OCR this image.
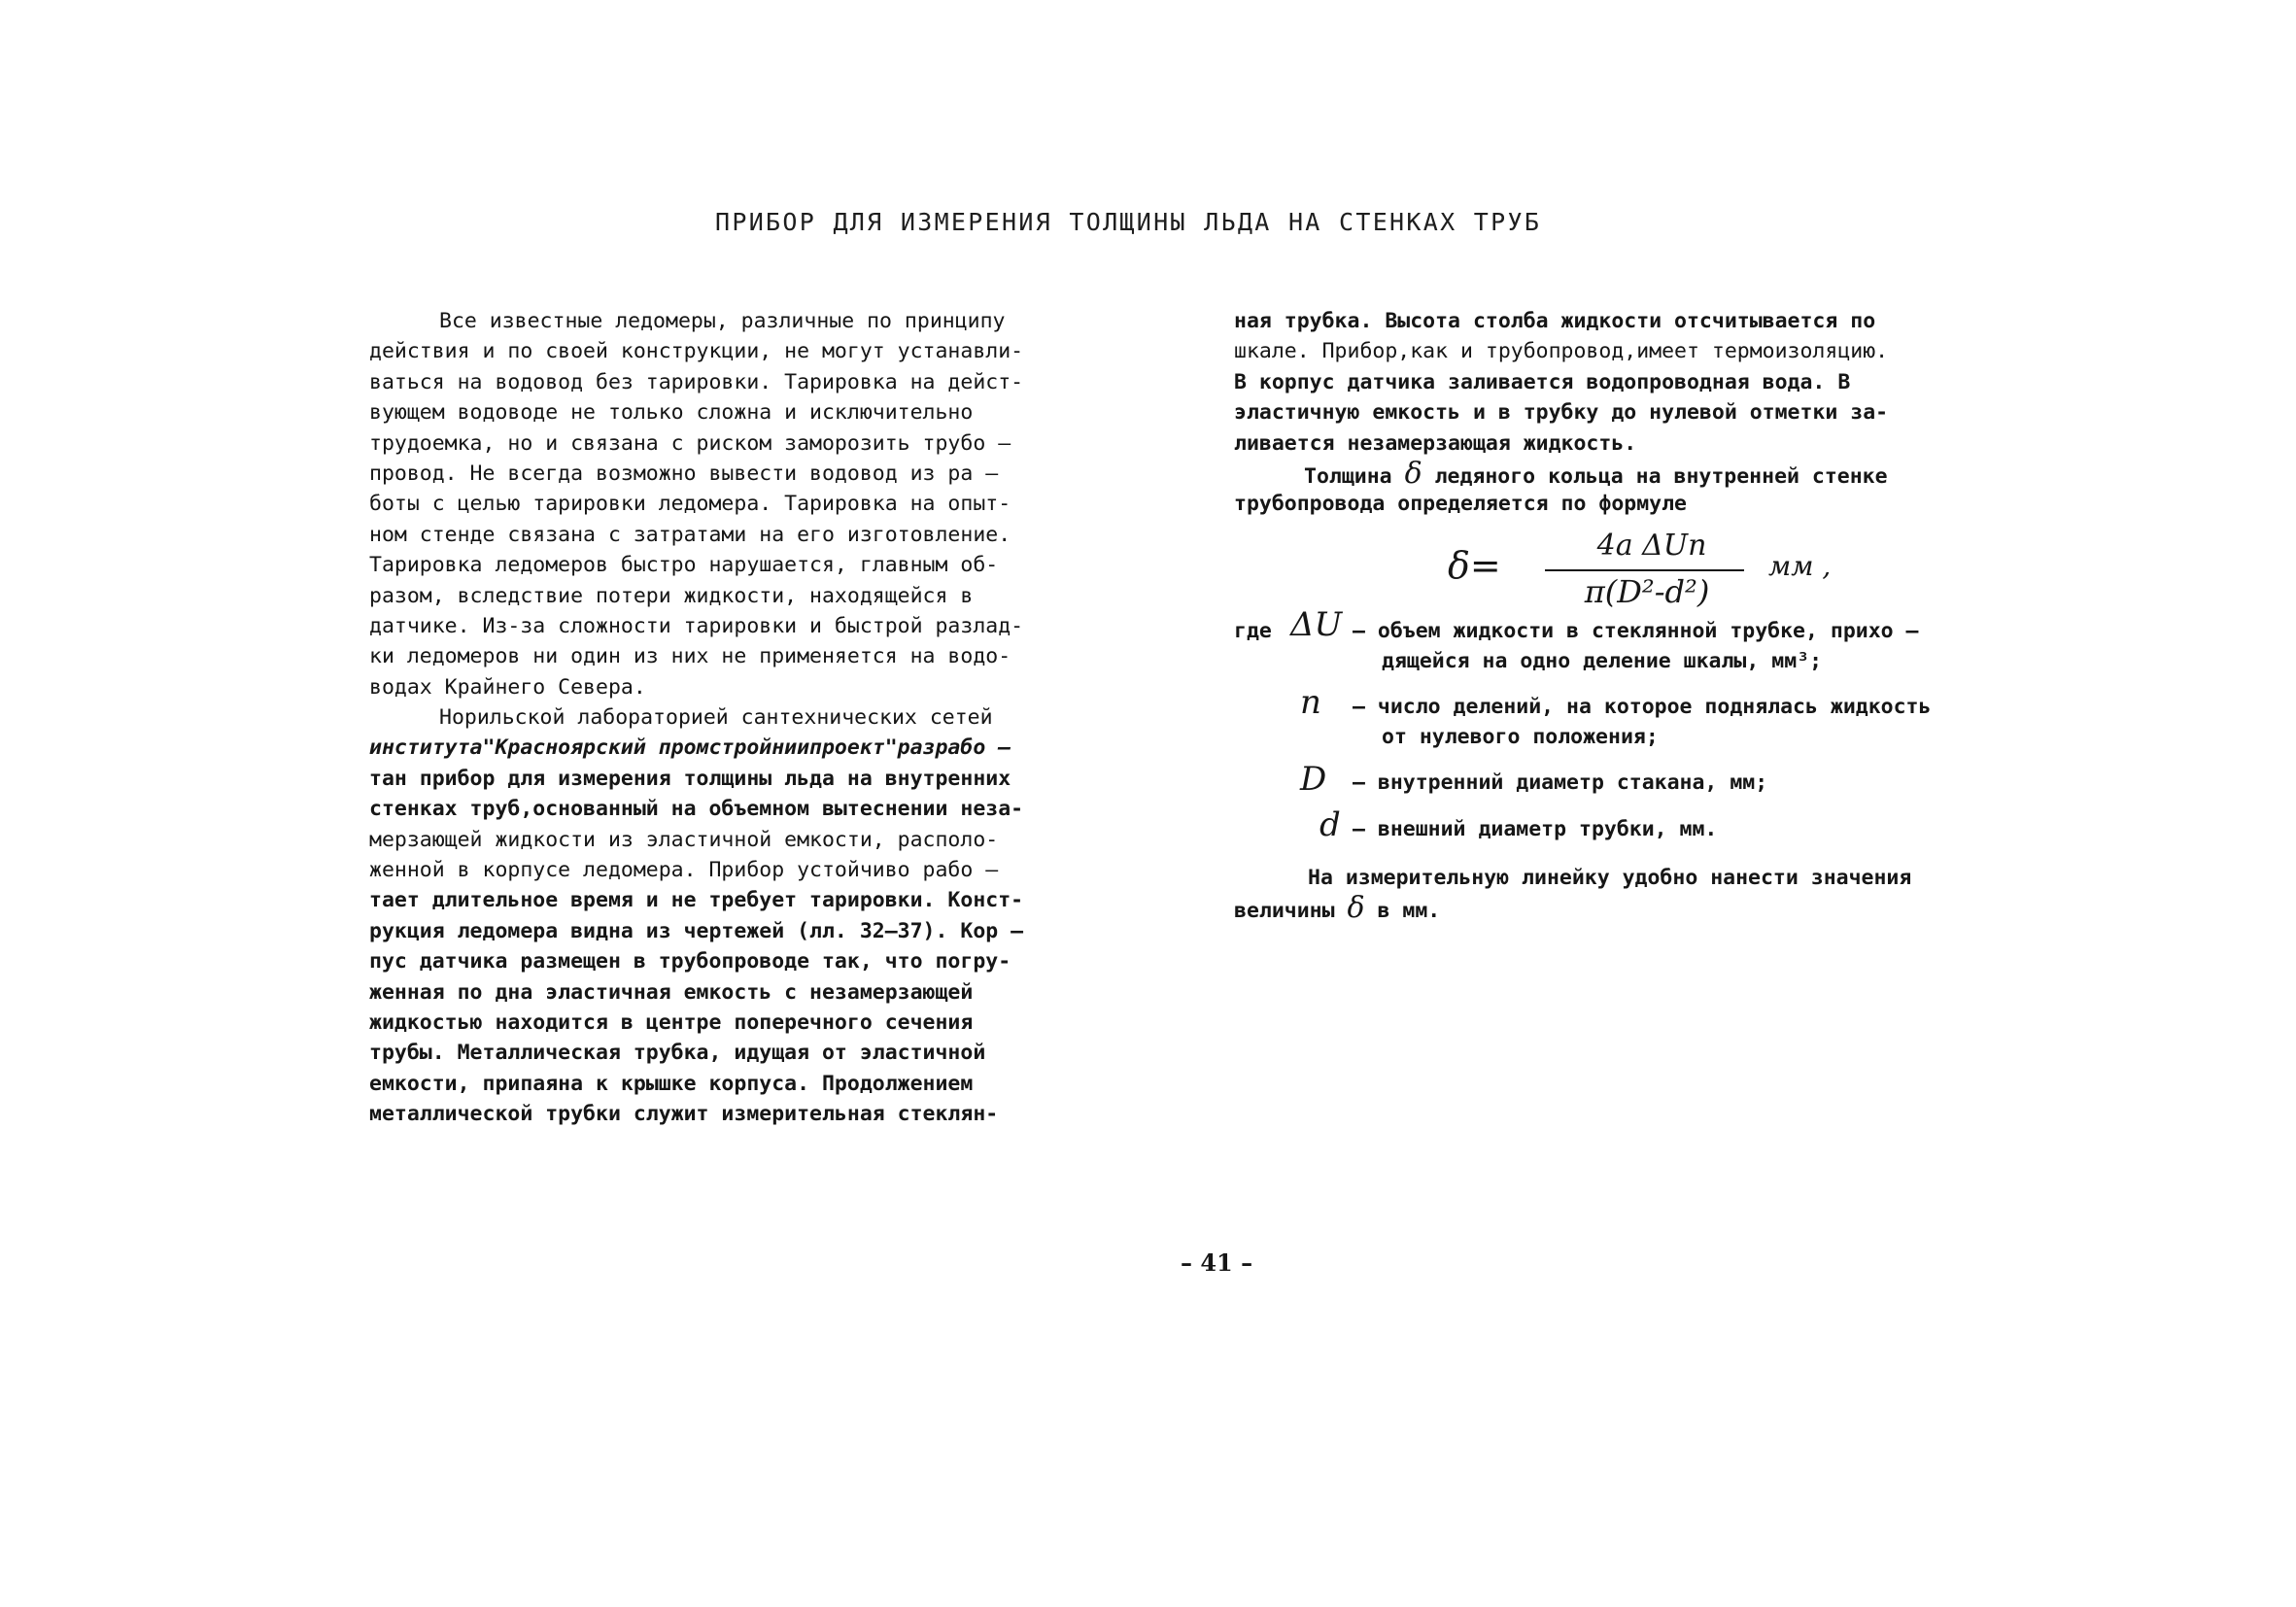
ПРИБОР ДЛЯ ИЗМЕРЕНИЯ ТОЛЩИНЫ ЛЬДА НА СТЕНКАХ ТРУБ
Все известные ледомеры, различные по принципу
действия и по своей конструкции, не могут устанавли-
ваться на водовод без тарировки. Тарировка на дейст-
вующем водоводе не только сложна и исключительно
трудоемка, но и связана с риском заморозить трубо –
провод. Не всегда возможно вывести водовод из ра –
боты с целью тарировки ледомера. Тарировка на опыт-
ном стенде связана с затратами на его изготовление.
Тарировка ледомеров быстро нарушается, главным об-
разом, вследствие потери жидкости, находящейся в
датчике. Из-за сложности тарировки и быстрой разлад-
ки ледомеров ни один из них не применяется на водо-
водах Крайнего Севера.
Норильской лабораторией сантехнических сетей
института"Красноярский промстройниипроект"разрабо –
тан прибор для измерения толщины льда на внутренних
стенках труб,основанный на объемном вытеснении неза-
мерзающей жидкости из эластичной емкости, располо-
женной в корпусе ледомера. Прибор устойчиво рабо –
тает длительное время и не требует тарировки. Конст-
рукция ледомера видна из чертежей (лл. 32–37). Кор –
пус датчика размещен в трубопроводе так, что погру-
женная по дна эластичная емкость с незамерзающей
жидкостью находится в центре поперечного сечения
трубы. Металлическая трубка, идущая от эластичной
емкости, припаяна к крышке корпуса. Продолжением
металлической трубки служит измерительная стеклян-
ная трубка. Высота столба жидкости отсчитывается по
шкале. Прибор,как и трубопровод,имеет термоизоляцию.
В корпус датчика заливается водопроводная вода. В
эластичную емкость и в трубку до нулевой отметки за-
ливается незамерзающая жидкость.
Толщина δ ледяного кольца на внутренней стенке
трубопровода определяется по формуле
δ=	4a ΔUn
π(D²-d²)
мм ,
где ΔU – объем жидкости в стеклянной трубке, прихо –
дящейся на одно деление шкалы, мм³;
n – число делений, на которое поднялась жидкость
от нулевого положения;
D – внутренний диаметр стакана, мм;
d – внешний диаметр трубки, мм.
На измерительную линейку удобно нанести значения
величины δ в мм.
– 41 –
